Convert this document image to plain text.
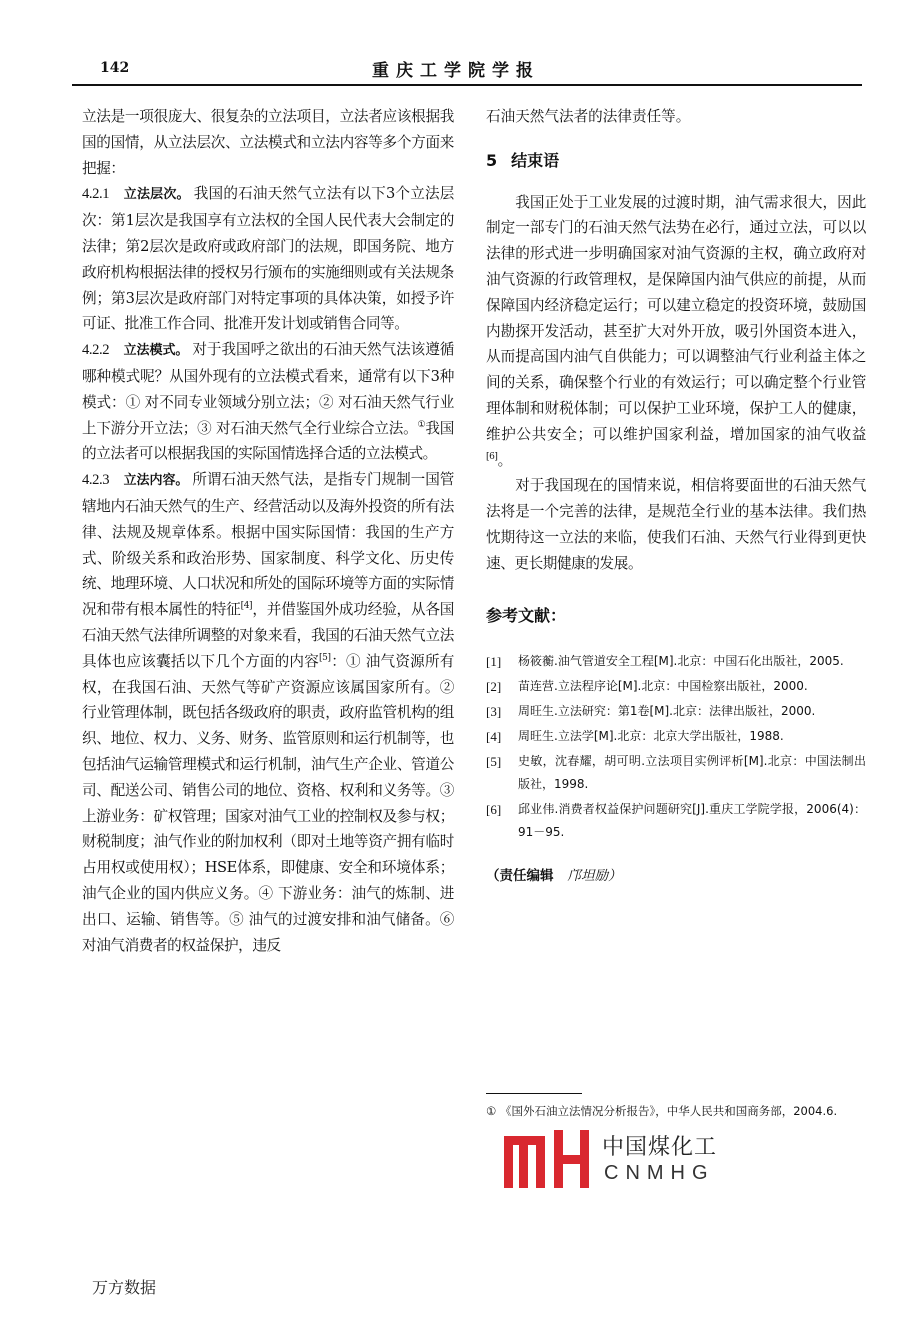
142	重庆工学院学报

立法是一项很庞大、很复杂的立法项目，立法者应该根据我国的国情，从立法层次、立法模式和立法内容等多个方面来把握：

4.2.1 立法层次。 我国的石油天然气立法有以下3个立法层次：第1层次是我国享有立法权的全国人民代表大会制定的法律；第2层次是政府或政府部门的法规，即国务院、地方政府机构根据法律的授权另行颁布的实施细则或有关法规条例；第3层次是政府部门对特定事项的具体决策，如授予许可证、批准工作合同、批准开发计划或销售合同等。

4.2.2 立法模式。 对于我国呼之欲出的石油天然气法该遵循哪种模式呢？从国外现有的立法模式看来，通常有以下3种模式：① 对不同专业领域分别立法；② 对石油天然气行业上下游分开立法；③ 对石油天然气全行业综合立法。①我国的立法者可以根据我国的实际国情选择合适的立法模式。

4.2.3 立法内容。 所谓石油天然气法，是指专门规制一国管辖地内石油天然气的生产、经营活动以及海外投资的所有法律、法规及规章体系。根据中国实际国情：我国的生产方式、阶级关系和政治形势、国家制度、科学文化、历史传统、地理环境、人口状况和所处的国际环境等方面的实际情况和带有根本属性的特征[4]，并借鉴国外成功经验，从各国石油天然气法律所调整的对象来看，我国的石油天然气立法具体也应该囊括以下几个方面的内容[5]：① 油气资源所有权，在我国石油、天然气等矿产资源应该属国家所有。② 行业管理体制，既包括各级政府的职责，政府监管机构的组织、地位、权力、义务、财务、监管原则和运行机制等，也包括油气运输管理模式和运行机制，油气生产企业、管道公司、配送公司、销售公司的地位、资格、权利和义务等。③ 上游业务：矿权管理；国家对油气工业的控制权及参与权；财税制度；油气作业的附加权利（即对土地等资产拥有临时占用权或使用权）；HSE体系，即健康、安全和环境体系；油气企业的国内供应义务。④ 下游业务：油气的炼制、进出口、运输、销售等。⑤ 油气的过渡安排和油气储备。⑥ 对油气消费者的权益保护，违反

石油天然气法者的法律责任等。

5 结束语

我国正处于工业发展的过渡时期，油气需求很大，因此制定一部专门的石油天然气法势在必行，通过立法，可以以法律的形式进一步明确国家对油气资源的主权，确立政府对油气资源的行政管理权，是保障国内油气供应的前提，从而保障国内经济稳定运行；可以建立稳定的投资环境，鼓励国内勘探开发活动，甚至扩大对外开放，吸引外国资本进入，从而提高国内油气自供能力；可以调整油气行业利益主体之间的关系，确保整个行业的有效运行；可以确定整个行业管理体制和财税体制；可以保护工业环境，保护工人的健康，维护公共安全；可以维护国家利益，增加国家的油气收益[6]。

对于我国现在的国情来说，相信将要面世的石油天然气法将是一个完善的法律，是规范全行业的基本法律。我们热忱期待这一立法的来临，使我们石油、天然气行业得到更快速、更长期健康的发展。

参考文献：

[1]	杨筱蘅.油气管道安全工程[M].北京：中国石化出版社，2005.
[2]	苗连营.立法程序论[M].北京：中国检察出版社，2000.
[3]	周旺生.立法研究：第1卷[M].北京：法律出版社，2000.
[4]	周旺生.立法学[M].北京：北京大学出版社，1988.
[5]	史敏，沈春耀，胡可明.立法项目实例评析[M].北京：中国法制出版社，1998.
[6]	邱业伟.消费者权益保护问题研究[J].重庆工学院学报，2006(4)：91－95.

（责任编辑 邝坦励）

① 《国外石油立法情况分析报告》，中华人民共和国商务部，2004.6.
中国煤化工
CNMHG
万方数据
